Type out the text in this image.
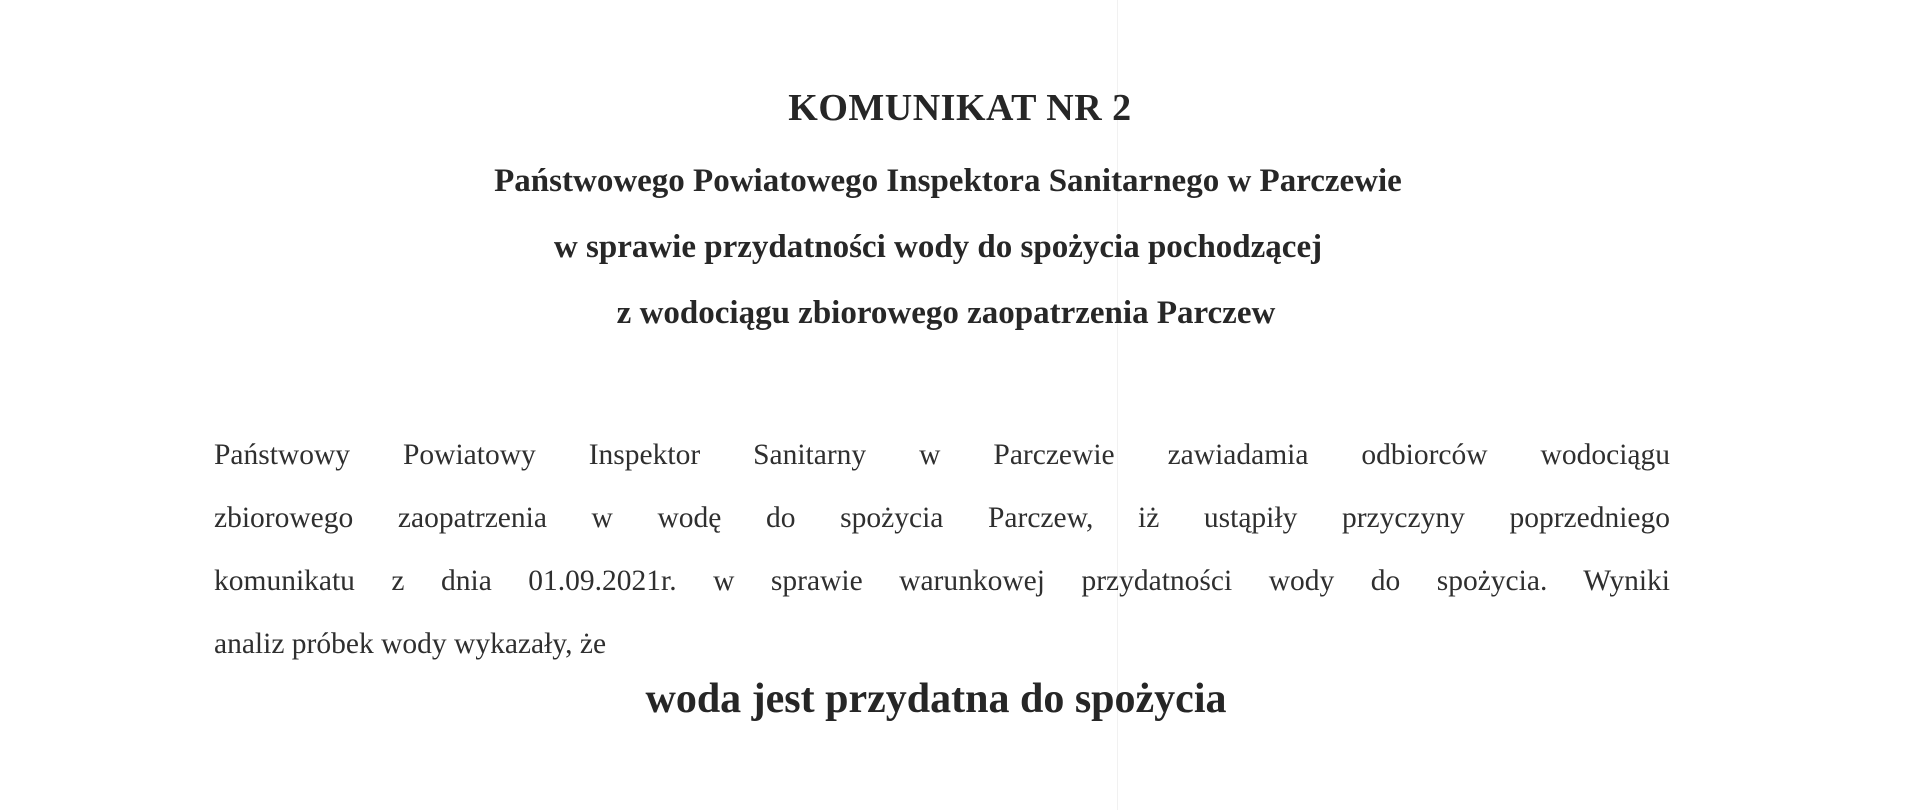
KOMUNIKAT NR 2
Państwowego Powiatowego Inspektora Sanitarnego w Parczewie
w sprawie przydatności wody do spożycia pochodzącej
z wodociągu zbiorowego zaopatrzenia Parczew
Państwowy Powiatowy Inspektor Sanitarny w Parczewie zawiadamia odbiorców wodociągu
zbiorowego zaopatrzenia w wodę do spożycia Parczew, iż ustąpiły przyczyny poprzedniego
komunikatu z dnia 01.09.2021r. w sprawie warunkowej przydatności wody do spożycia. Wyniki
analiz próbek wody wykazały, że
woda jest przydatna do spożycia
